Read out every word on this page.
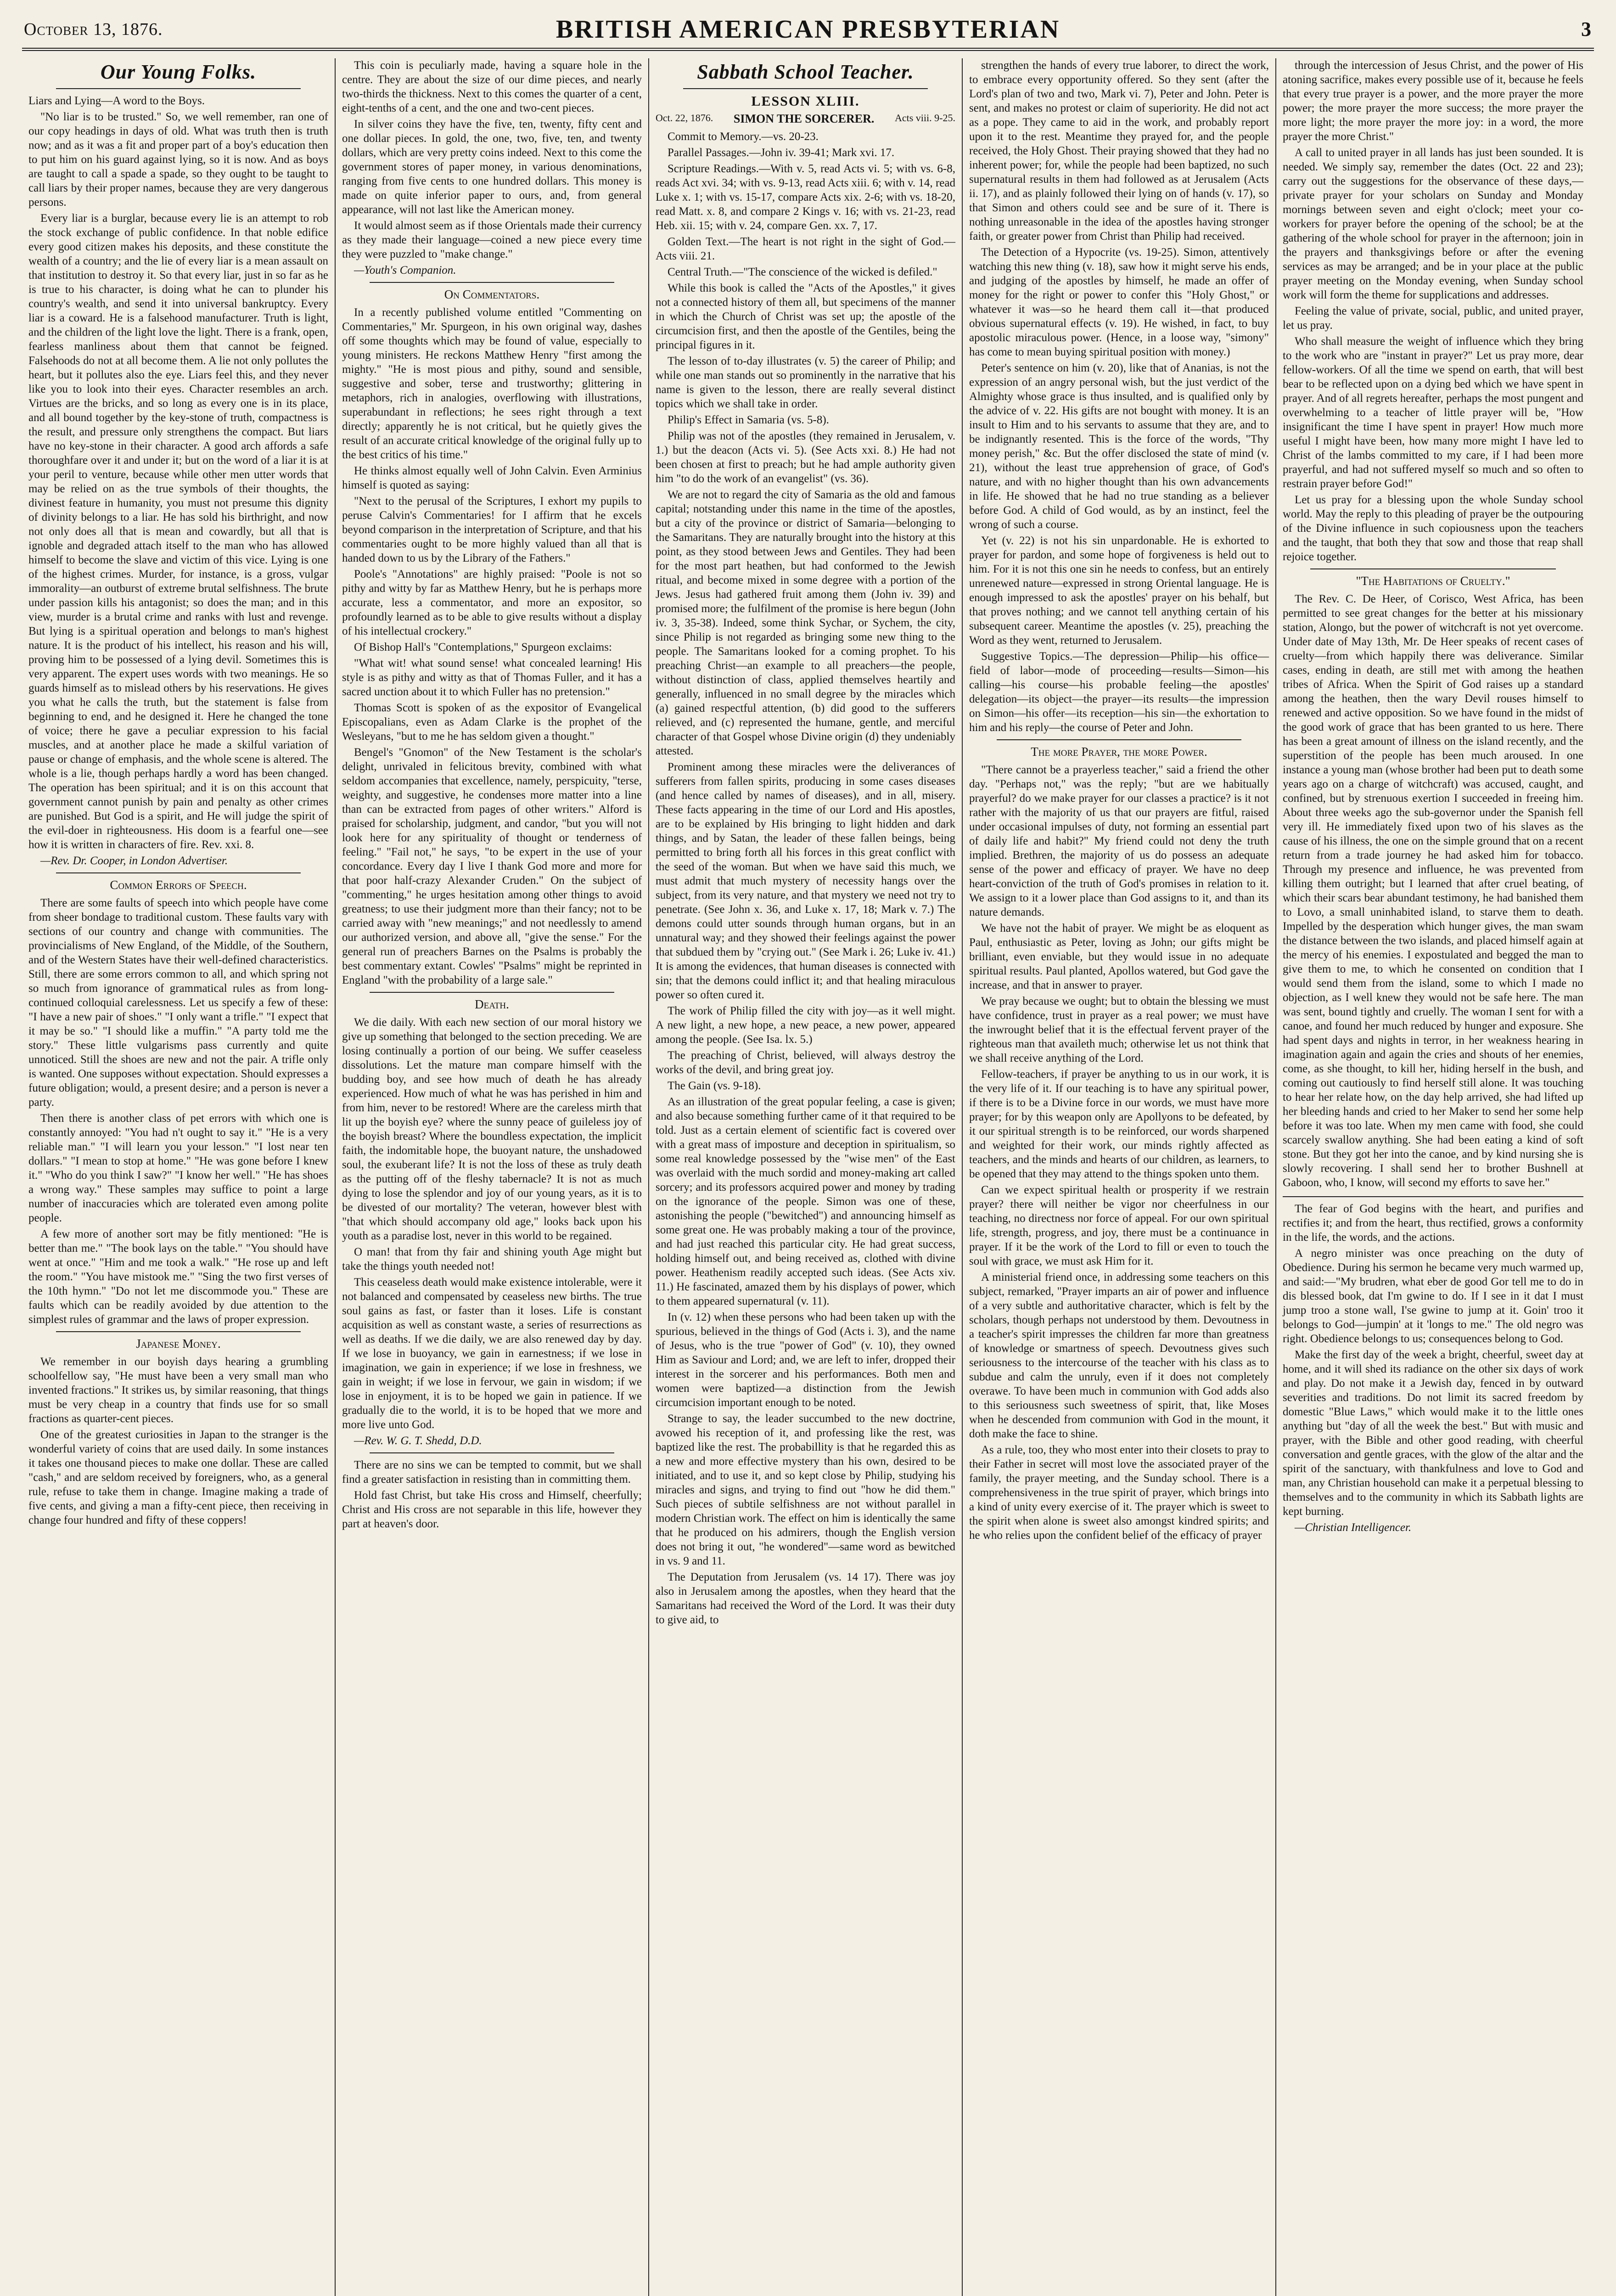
October 13, 1876.	BRITISH AMERICAN PRESBYTERIAN	3
Our Young Folks.

Liars and Lying—A word to the Boys.

"No liar is to be trusted." So, we well remember, ran one of our copy headings in days of old. What was truth then is truth now; and as it was a fit and proper part of a boy's education then to put him on his guard against lying, so it is now. And as boys are taught to call a spade a spade, so they ought to be taught to call liars by their proper names, because they are very dangerous persons.

Every liar is a burglar, because every lie is an attempt to rob the stock exchange of public confidence. In that noble edifice every good citizen makes his deposits, and these constitute the wealth of a country; and the lie of every liar is a mean assault on that institution to destroy it. So that every liar, just in so far as he is true to his character, is doing what he can to plunder his country's wealth, and send it into universal bankruptcy. Every liar is a coward. He is a falsehood manufacturer. Truth is light, and the children of the light love the light. There is a frank, open, fearless manliness about them that cannot be feigned. Falsehoods do not at all become them. A lie not only pollutes the heart, but it pollutes also the eye. Liars feel this, and they never like you to look into their eyes. Character resembles an arch. Virtues are the bricks, and so long as every one is in its place, and all bound together by the key-stone of truth, compactness is the result, and pressure only strengthens the compact. But liars have no key-stone in their character. A good arch affords a safe thoroughfare over it and under it; but on the word of a liar it is at your peril to venture, because while other men utter words that may be relied on as the true symbols of their thoughts, the divinest feature in humanity, you must not presume this dignity of divinity belongs to a liar. He has sold his birthright, and now not only does all that is mean and cowardly, but all that is ignoble and degraded attach itself to the man who has allowed himself to become the slave and victim of this vice. Lying is one of the highest crimes. Murder, for instance, is a gross, vulgar immorality—an outburst of extreme brutal selfishness. The brute under passion kills his antagonist; so does the man; and in this view, murder is a brutal crime and ranks with lust and revenge. But lying is a spiritual operation and belongs to man's highest nature. It is the product of his intellect, his reason and his will, proving him to be possessed of a lying devil. Sometimes this is very apparent. The expert uses words with two meanings. He so guards himself as to mislead others by his reservations. He gives you what he calls the truth, but the statement is false from beginning to end, and he designed it. Here he changed the tone of voice; there he gave a peculiar expression to his facial muscles, and at another place he made a skilful variation of pause or change of emphasis, and the whole scene is altered. The whole is a lie, though perhaps hardly a word has been changed. The operation has been spiritual; and it is on this account that government cannot punish by pain and penalty as other crimes are punished. But God is a spirit, and He will judge the spirit of the evil-doer in righteousness. His doom is a fearful one—see how it is written in characters of fire. Rev. xxi. 8.

—Rev. Dr. Cooper, in London Advertiser.

Common Errors of Speech.

There are some faults of speech into which people have come from sheer bondage to traditional custom. These faults vary with sections of our country and change with communities. The provincialisms of New England, of the Middle, of the Southern, and of the Western States have their well-defined characteristics. Still, there are some errors common to all, and which spring not so much from ignorance of grammatical rules as from long-continued colloquial carelessness. Let us specify a few of these: "I have a new pair of shoes." "I only want a trifle." "I expect that it may be so." "I should like a muffin." "A party told me the story." These little vulgarisms pass currently and quite unnoticed. Still the shoes are new and not the pair. A trifle only is wanted. One supposes without expectation. Should expresses a future obligation; would, a present desire; and a person is never a party.

Then there is another class of pet errors with which one is constantly annoyed: "You had n't ought to say it." "He is a very reliable man." "I will learn you your lesson." "I lost near ten dollars." "I mean to stop at home." "He was gone before I knew it." "Who do you think I saw?" "I know her well." "He has shoes a wrong way." These samples may suffice to point a large number of inaccuracies which are tolerated even among polite people.

A few more of another sort may be fitly mentioned: "He is better than me." "The book lays on the table." "You should have went at once." "Him and me took a walk." "He rose up and left the room." "You have mistook me." "Sing the two first verses of the 10th hymn." "Do not let me discommode you." These are faults which can be readily avoided by due attention to the simplest rules of grammar and the laws of proper expression.

Japanese Money.

We remember in our boyish days hearing a grumbling schoolfellow say, "He must have been a very small man who invented fractions." It strikes us, by similar reasoning, that things must be very cheap in a country that finds use for so small fractions as quarter-cent pieces.

One of the greatest curiosities in Japan to the stranger is the wonderful variety of coins that are used daily. In some instances it takes one thousand pieces to make one dollar. These are called "cash," and are seldom received by foreigners, who, as a general rule, refuse to take them in change. Imagine making a trade of five cents, and giving a man a fifty-cent piece, then receiving in change four hundred and fifty of these coppers!

This coin is peculiarly made, having a square hole in the centre. They are about the size of our dime pieces, and nearly two-thirds the thickness. Next to this comes the quarter of a cent, eight-tenths of a cent, and the one and two-cent pieces.

In silver coins they have the five, ten, twenty, fifty cent and one dollar pieces. In gold, the one, two, five, ten, and twenty dollars, which are very pretty coins indeed. Next to this come the government stores of paper money, in various denominations, ranging from five cents to one hundred dollars. This money is made on quite inferior paper to ours, and, from general appearance, will not last like the American money.

It would almost seem as if those Orientals made their currency as they made their language—coined a new piece every time they were puzzled to "make change."

—Youth's Companion.

On Commentators.

In a recently published volume entitled "Commenting on Commentaries," Mr. Spurgeon, in his own original way, dashes off some thoughts which may be found of value, especially to young ministers. He reckons Matthew Henry "first among the mighty." "He is most pious and pithy, sound and sensible, suggestive and sober, terse and trustworthy; glittering in metaphors, rich in analogies, overflowing with illustrations, superabundant in reflections; he sees right through a text directly; apparently he is not critical, but he quietly gives the result of an accurate critical knowledge of the original fully up to the best critics of his time."

He thinks almost equally well of John Calvin. Even Arminius himself is quoted as saying:

"Next to the perusal of the Scriptures, I exhort my pupils to peruse Calvin's Commentaries! for I affirm that he excels beyond comparison in the interpretation of Scripture, and that his commentaries ought to be more highly valued than all that is handed down to us by the Library of the Fathers."

Poole's "Annotations" are highly praised: "Poole is not so pithy and witty by far as Matthew Henry, but he is perhaps more accurate, less a commentator, and more an expositor, so profoundly learned as to be able to give results without a display of his intellectual crockery."

Of Bishop Hall's "Contemplations," Spurgeon exclaims:

"What wit! what sound sense! what concealed learning! His style is as pithy and witty as that of Thomas Fuller, and it has a sacred unction about it to which Fuller has no pretension."

Thomas Scott is spoken of as the expositor of Evangelical Episcopalians, even as Adam Clarke is the prophet of the Wesleyans, "but to me he has seldom given a thought."

Bengel's "Gnomon" of the New Testament is the scholar's delight, unrivaled in felicitous brevity, combined with what seldom accompanies that excellence, namely, perspicuity, "terse, weighty, and suggestive, he condenses more matter into a line than can be extracted from pages of other writers." Alford is praised for scholarship, judgment, and candor, "but you will not look here for any spirituality of thought or tenderness of feeling." "Fail not," he says, "to be expert in the use of your concordance. Every day I live I thank God more and more for that poor half-crazy Alexander Cruden." On the subject of "commenting," he urges hesitation among other things to avoid greatness; to use their judgment more than their fancy; not to be carried away with "new meanings;" and not needlessly to amend our authorized version, and above all, "give the sense." For the general run of preachers Barnes on the Psalms is probably the best commentary extant. Cowles' "Psalms" might be reprinted in England "with the probability of a large sale."

Death.

We die daily. With each new section of our moral history we give up something that belonged to the section preceding. We are losing continually a portion of our being. We suffer ceaseless dissolutions. Let the mature man compare himself with the budding boy, and see how much of death he has already experienced. How much of what he was has perished in him and from him, never to be restored! Where are the careless mirth that lit up the boyish eye? where the sunny peace of guileless joy of the boyish breast? Where the boundless expectation, the implicit faith, the indomitable hope, the buoyant nature, the unshadowed soul, the exuberant life? It is not the loss of these as truly death as the putting off of the fleshy tabernacle? It is not as much dying to lose the splendor and joy of our young years, as it is to be divested of our mortality? The veteran, however blest with "that which should accompany old age," looks back upon his youth as a paradise lost, never in this world to be regained.

O man! that from thy fair and shining youth Age might but take the things youth needed not!

This ceaseless death would make existence intolerable, were it not balanced and compensated by ceaseless new births. The true soul gains as fast, or faster than it loses. Life is constant acquisition as well as constant waste, a series of resurrections as well as deaths. If we die daily, we are also renewed day by day. If we lose in buoyancy, we gain in earnestness; if we lose in imagination, we gain in experience; if we lose in freshness, we gain in weight; if we lose in fervour, we gain in wisdom; if we lose in enjoyment, it is to be hoped we gain in patience. If we gradually die to the world, it is to be hoped that we more and more live unto God.

—Rev. W. G. T. Shedd, D.D.

There are no sins we can be tempted to commit, but we shall find a greater satisfaction in resisting than in committing them.

Hold fast Christ, but take His cross and Himself, cheerfully; Christ and His cross are not separable in this life, however they part at heaven's door.

Sabbath School Teacher.
LESSON XLIII.
Oct. 22, 1876. SIMON THE SORCERER. Acts viii. 9-25.

Commit to Memory.—vs. 20-23.

Parallel Passages.—John iv. 39-41; Mark xvi. 17.

Scripture Readings.—With v. 5, read Acts vi. 5; with vs. 6-8, reads Act xvi. 34; with vs. 9-13, read Acts xiii. 6; with v. 14, read Luke x. 1; with vs. 15-17, compare Acts xix. 2-6; with vs. 18-20, read Matt. x. 8, and compare 2 Kings v. 16; with vs. 21-23, read Heb. xii. 15; with v. 24, compare Gen. xx. 7, 17.

Golden Text.—The heart is not right in the sight of God.—Acts viii. 21.

Central Truth.—"The conscience of the wicked is defiled."

While this book is called the "Acts of the Apostles," it gives not a connected history of them all, but specimens of the manner in which the Church of Christ was set up; the apostle of the circumcision first, and then the apostle of the Gentiles, being the principal figures in it.

The lesson of to-day illustrates (v. 5) the career of Philip; and while one man stands out so prominently in the narrative that his name is given to the lesson, there are really several distinct topics which we shall take in order.

Philip's Effect in Samaria (vs. 5-8).

Philip was not of the apostles (they remained in Jerusalem, v. 1.) but the deacon (Acts vi. 5). (See Acts xxi. 8.) He had not been chosen at first to preach; but he had ample authority given him "to do the work of an evangelist" (vs. 36).

We are not to regard the city of Samaria as the old and famous capital; notstanding under this name in the time of the apostles, but a city of the province or district of Samaria—belonging to the Samaritans. They are naturally brought into the history at this point, as they stood between Jews and Gentiles. They had been for the most part heathen, but had conformed to the Jewish ritual, and become mixed in some degree with a portion of the Jews. Jesus had gathered fruit among them (John iv. 39) and promised more; the fulfilment of the promise is here begun (John iv. 3, 35-38). Indeed, some think Sychar, or Sychem, the city, since Philip is not regarded as bringing some new thing to the people. The Samaritans looked for a coming prophet. To his preaching Christ—an example to all preachers—the people, without distinction of class, applied themselves heartily and generally, influenced in no small degree by the miracles which (a) gained respectful attention, (b) did good to the sufferers relieved, and (c) represented the humane, gentle, and merciful character of that Gospel whose Divine origin (d) they undeniably attested.

Prominent among these miracles were the deliverances of sufferers from fallen spirits, producing in some cases diseases (and hence called by names of diseases), and in all, misery. These facts appearing in the time of our Lord and His apostles, are to be explained by His bringing to light hidden and dark things, and by Satan, the leader of these fallen beings, being permitted to bring forth all his forces in this great conflict with the seed of the woman. But when we have said this much, we must admit that much mystery of necessity hangs over the subject, from its very nature, and that mystery we need not try to penetrate. (See John x. 36, and Luke x. 17, 18; Mark v. 7.) The demons could utter sounds through human organs, but in an unnatural way; and they showed their feelings against the power that subdued them by "crying out." (See Mark i. 26; Luke iv. 41.) It is among the evidences, that human diseases is connected with sin; that the demons could inflict it; and that healing miraculous power so often cured it.

The work of Philip filled the city with joy—as it well might. A new light, a new hope, a new peace, a new power, appeared among the people. (See Isa. lx. 5.)

The preaching of Christ, believed, will always destroy the works of the devil, and bring great joy.

The Gain (vs. 9-18).

As an illustration of the great popular feeling, a case is given; and also because something further came of it that required to be told. Just as a certain element of scientific fact is covered over with a great mass of imposture and deception in spiritualism, so some real knowledge possessed by the "wise men" of the East was overlaid with the much sordid and money-making art called sorcery; and its professors acquired power and money by trading on the ignorance of the people. Simon was one of these, astonishing the people ("bewitched") and announcing himself as some great one. He was probably making a tour of the province, and had just reached this particular city. He had great success, holding himself out, and being received as, clothed with divine power. Heathenism readily accepted such ideas. (See Acts xiv. 11.) He fascinated, amazed them by his displays of power, which to them appeared supernatural (v. 11).

In (v. 12) when these persons who had been taken up with the spurious, believed in the things of God (Acts i. 3), and the name of Jesus, who is the true "power of God" (v. 10), they owned Him as Saviour and Lord; and, we are left to infer, dropped their interest in the sorcerer and his performances. Both men and women were baptized—a distinction from the Jewish circumcision important enough to be noted.

Strange to say, the leader succumbed to the new doctrine, avowed his reception of it, and professing like the rest, was baptized like the rest. The probabillity is that he regarded this as a new and more effective mystery than his own, desired to be initiated, and to use it, and so kept close by Philip, studying his miracles and signs, and trying to find out "how he did them." Such pieces of subtile selfishness are not without parallel in modern Christian work. The effect on him is identically the same that he produced on his admirers, though the English version does not bring it out, "he wondered"—same word as bewitched in vs. 9 and 11.

The Deputation from Jerusalem (vs. 14 17). There was joy also in Jerusalem among the apostles, when they heard that the Samaritans had received the Word of the Lord. It was their duty to give aid, to

strengthen the hands of every true laborer, to direct the work, to embrace every opportunity offered. So they sent (after the Lord's plan of two and two, Mark vi. 7), Peter and John. Peter is sent, and makes no protest or claim of superiority. He did not act as a pope. They came to aid in the work, and probably report upon it to the rest. Meantime they prayed for, and the people received, the Holy Ghost. Their praying showed that they had no inherent power; for, while the people had been baptized, no such supernatural results in them had followed as at Jerusalem (Acts ii. 17), and as plainly followed their lying on of hands (v. 17), so that Simon and others could see and be sure of it. There is nothing unreasonable in the idea of the apostles having stronger faith, or greater power from Christ than Philip had received.

The Detection of a Hypocrite (vs. 19-25). Simon, attentively watching this new thing (v. 18), saw how it might serve his ends, and judging of the apostles by himself, he made an offer of money for the right or power to confer this "Holy Ghost," or whatever it was—so he heard them call it—that produced obvious supernatural effects (v. 19). He wished, in fact, to buy apostolic miraculous power. (Hence, in a loose way, "simony" has come to mean buying spiritual position with money.)

Peter's sentence on him (v. 20), like that of Ananias, is not the expression of an angry personal wish, but the just verdict of the Almighty whose grace is thus insulted, and is qualified only by the advice of v. 22. His gifts are not bought with money. It is an insult to Him and to his servants to assume that they are, and to be indignantly resented. This is the force of the words, "Thy money perish," &c. But the offer disclosed the state of mind (v. 21), without the least true apprehension of grace, of God's nature, and with no higher thought than his own advancements in life. He showed that he had no true standing as a believer before God. A child of God would, as by an instinct, feel the wrong of such a course.

Yet (v. 22) is not his sin unpardonable. He is exhorted to prayer for pardon, and some hope of forgiveness is held out to him. For it is not this one sin he needs to confess, but an entirely unrenewed nature—expressed in strong Oriental language. He is enough impressed to ask the apostles' prayer on his behalf, but that proves nothing; and we cannot tell anything certain of his subsequent career. Meantime the apostles (v. 25), preaching the Word as they went, returned to Jerusalem.

Suggestive Topics.—The depression—Philip—his office—field of labor—mode of proceeding—results—Simon—his calling—his course—his probable feeling—the apostles' delegation—its object—the prayer—its results—the impression on Simon—his offer—its reception—his sin—the exhortation to him and his reply—the course of Peter and John.

The more Prayer, the more Power.

"There cannot be a prayerless teacher," said a friend the other day. "Perhaps not," was the reply; "but are we habitually prayerful? do we make prayer for our classes a practice? is it not rather with the majority of us that our prayers are fitful, raised under occasional impulses of duty, not forming an essential part of daily life and habit?" My friend could not deny the truth implied. Brethren, the majority of us do possess an adequate sense of the power and efficacy of prayer. We have no deep heart-conviction of the truth of God's promises in relation to it. We assign to it a lower place than God assigns to it, and than its nature demands.

We have not the habit of prayer. We might be as eloquent as Paul, enthusiastic as Peter, loving as John; our gifts might be brilliant, even enviable, but they would issue in no adequate spiritual results. Paul planted, Apollos watered, but God gave the increase, and that in answer to prayer.

We pray because we ought; but to obtain the blessing we must have confidence, trust in prayer as a real power; we must have the inwrought belief that it is the effectual fervent prayer of the righteous man that availeth much; otherwise let us not think that we shall receive anything of the Lord.

Fellow-teachers, if prayer be anything to us in our work, it is the very life of it. If our teaching is to have any spiritual power, if there is to be a Divine force in our words, we must have more prayer; for by this weapon only are Apollyons to be defeated, by it our spiritual strength is to be reinforced, our words sharpened and weighted for their work, our minds rightly affected as teachers, and the minds and hearts of our children, as learners, to be opened that they may attend to the things spoken unto them.

Can we expect spiritual health or prosperity if we restrain prayer? there will neither be vigor nor cheerfulness in our teaching, no directness nor force of appeal. For our own spiritual life, strength, progress, and joy, there must be a continuance in prayer. If it be the work of the Lord to fill or even to touch the soul with grace, we must ask Him for it.

A ministerial friend once, in addressing some teachers on this subject, remarked, "Prayer imparts an air of power and influence of a very subtle and authoritative character, which is felt by the scholars, though perhaps not understood by them. Devoutness in a teacher's spirit impresses the children far more than greatness of knowledge or smartness of speech. Devoutness gives such seriousness to the intercourse of the teacher with his class as to subdue and calm the unruly, even if it does not completely overawe. To have been much in communion with God adds also to this seriousness such sweetness of spirit, that, like Moses when he descended from communion with God in the mount, it doth make the face to shine.

As a rule, too, they who most enter into their closets to pray to their Father in secret will most love the associated prayer of the family, the prayer meeting, and the Sunday school. There is a comprehensiveness in the true spirit of prayer, which brings into a kind of unity every exercise of it. The prayer which is sweet to the spirit when alone is sweet also amongst kindred spirits; and he who relies upon the confident belief of the efficacy of prayer

through the intercession of Jesus Christ, and the power of His atoning sacrifice, makes every possible use of it, because he feels that every true prayer is a power, and the more prayer the more power; the more prayer the more success; the more prayer the more light; the more prayer the more joy: in a word, the more prayer the more Christ."

A call to united prayer in all lands has just been sounded. It is needed. We simply say, remember the dates (Oct. 22 and 23); carry out the suggestions for the observance of these days,—private prayer for your scholars on Sunday and Monday mornings between seven and eight o'clock; meet your co-workers for prayer before the opening of the school; be at the gathering of the whole school for prayer in the afternoon; join in the prayers and thanksgivings before or after the evening services as may be arranged; and be in your place at the public prayer meeting on the Monday evening, when Sunday school work will form the theme for supplications and addresses.

Feeling the value of private, social, public, and united prayer, let us pray.

Who shall measure the weight of influence which they bring to the work who are "instant in prayer?" Let us pray more, dear fellow-workers. Of all the time we spend on earth, that will best bear to be reflected upon on a dying bed which we have spent in prayer. And of all regrets hereafter, perhaps the most pungent and overwhelming to a teacher of little prayer will be, "How insignificant the time I have spent in prayer! How much more useful I might have been, how many more might I have led to Christ of the lambs committed to my care, if I had been more prayerful, and had not suffered myself so much and so often to restrain prayer before God!"

Let us pray for a blessing upon the whole Sunday school world. May the reply to this pleading of prayer be the outpouring of the Divine influence in such copiousness upon the teachers and the taught, that both they that sow and those that reap shall rejoice together.

"The Habitations of Cruelty."

The Rev. C. De Heer, of Corisco, West Africa, has been permitted to see great changes for the better at his missionary station, Alongo, but the power of witchcraft is not yet overcome. Under date of May 13th, Mr. De Heer speaks of recent cases of cruelty—from which happily there was deliverance. Similar cases, ending in death, are still met with among the heathen tribes of Africa. When the Spirit of God raises up a standard among the heathen, then the wary Devil rouses himself to renewed and active opposition. So we have found in the midst of the good work of grace that has been granted to us here. There has been a great amount of illness on the island recently, and the superstition of the people has been much aroused. In one instance a young man (whose brother had been put to death some years ago on a charge of witchcraft) was accused, caught, and confined, but by strenuous exertion I succeeded in freeing him. About three weeks ago the sub-governor under the Spanish fell very ill. He immediately fixed upon two of his slaves as the cause of his illness, the one on the simple ground that on a recent return from a trade journey he had asked him for tobacco. Through my presence and influence, he was prevented from killing them outright; but I learned that after cruel beating, of which their scars bear abundant testimony, he had banished them to Lovo, a small uninhabited island, to starve them to death. Impelled by the desperation which hunger gives, the man swam the distance between the two islands, and placed himself again at the mercy of his enemies. I expostulated and begged the man to give them to me, to which he consented on condition that I would send them from the island, some to which I made no objection, as I well knew they would not be safe here. The man was sent, bound tightly and cruelly. The woman I sent for with a canoe, and found her much reduced by hunger and exposure. She had spent days and nights in terror, in her weakness hearing in imagination again and again the cries and shouts of her enemies, come, as she thought, to kill her, hiding herself in the bush, and coming out cautiously to find herself still alone. It was touching to hear her relate how, on the day help arrived, she had lifted up her bleeding hands and cried to her Maker to send her some help before it was too late. When my men came with food, she could scarcely swallow anything. She had been eating a kind of soft stone. But they got her into the canoe, and by kind nursing she is slowly recovering. I shall send her to brother Bushnell at Gaboon, who, I know, will second my efforts to save her."

The fear of God begins with the heart, and purifies and rectifies it; and from the heart, thus rectified, grows a conformity in the life, the words, and the actions.

A negro minister was once preaching on the duty of Obedience. During his sermon he became very much warmed up, and said:—"My brudren, what eber de good Gor tell me to do in dis blessed book, dat I'm gwine to do. If I see in it dat I must jump troo a stone wall, I'se gwine to jump at it. Goin' troo it belongs to God—jumpin' at it 'longs to me." The old negro was right. Obedience belongs to us; consequences belong to God.

Make the first day of the week a bright, cheerful, sweet day at home, and it will shed its radiance on the other six days of work and play. Do not make it a Jewish day, fenced in by outward severities and traditions. Do not limit its sacred freedom by domestic "Blue Laws," which would make it to the little ones anything but "day of all the week the best." But with music and prayer, with the Bible and other good reading, with cheerful conversation and gentle graces, with the glow of the altar and the spirit of the sanctuary, with thankfulness and love to God and man, any Christian household can make it a perpetual blessing to themselves and to the community in which its Sabbath lights are kept burning.

—Christian Intelligencer.
